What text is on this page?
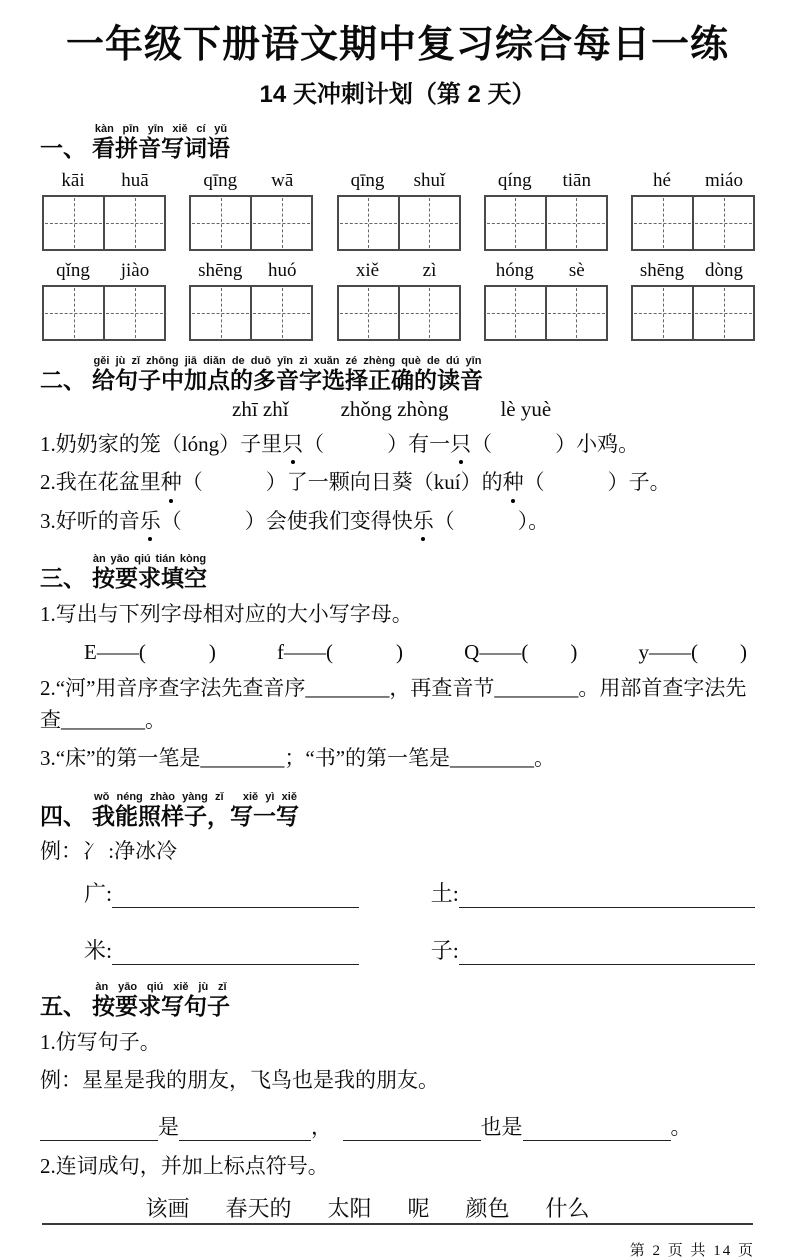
一年级下册语文期中复习综合每日一练
14 天冲刺计划（第 2 天）
一、 看拼音写词语kàn pīn yīn xiě cí yǔ
kāi	huā	qīng	wā	qīng	shuǐ	qíng	tiān	hé	miáo
qǐng	jiào	shēng	huó	xiě	zì	hóng	sè	shēng	dòng
二、 给句子中加点的多音字选择正确的读音gěi jù zǐ zhōng jiā diǎn de duō yīn zì xuǎn zé zhèng què de dú yīn
zhī zhǐ zhǒng zhòng lè yuè

1.奶奶家的笼（lóng）子里只（　　　）有一只（　　　）小鸡。

2.我在花盆里种（　　　）了一颗向日葵（kuí）的种（　　　）子。

3.好听的音乐（　　　）会使我们变得快乐（　　　）。

三、 按要求填空àn yāo qiú tián kòng

1.写出与下列字母相对应的大小写字母。

E——(　　　)	f——(　　　)	Q——(　　)	y——(　　)

2.“河”用音序查字法先查音序________，再查音节________。用部首查字法先查________。

3.“床”的第一笔是________；“书”的第一笔是________。

四、 我能照样子，写一写wǒ néng zhào yàng zǐ　xiě yì xiě

例：冫 :净冰冷

广:	土:
米:	子:
五、 按要求写句子àn yāo qiú xiě jù zǐ

1.仿写句子。

例：星星是我的朋友，飞鸟也是我的朋友。

是	，　	也是	。

2.连词成句，并加上标点符号。

该画 春天的 太阳 呢 颜色 什么
第 2 页 共 14 页
